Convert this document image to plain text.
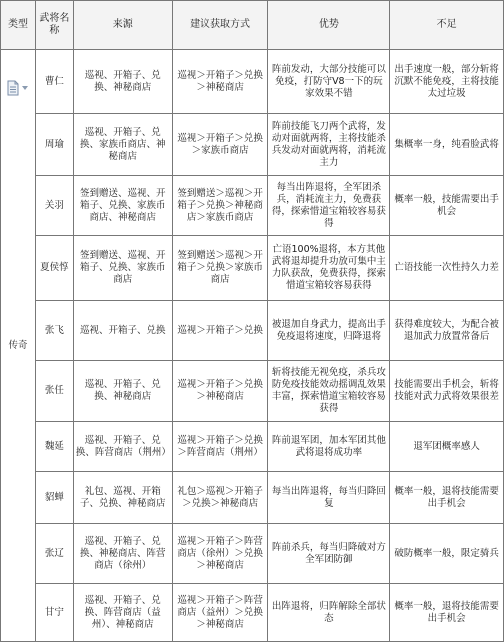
类型	武将名称	来源	建议获取方式	优势	不足
传奇	曹仁	巡视、开箱子、兑换、神秘商店	巡视＞开箱子＞兑换＞神秘商店	阵前发动，大部分技能可以免疫，打防守V8一下的玩家效果不错	出手速度一般，部分斩将沉默不能免疫，主将技能太过垃圾
	周瑜	巡视、开箱子、兑换、家族币商店、神秘商店	巡视＞开箱子＞兑换＞家族币商店	阵前技能飞刀两个武将，发动对面就两将，主将技能杀兵发动对面就两将，消耗流主力	集概率一身，纯看脸武将
	关羽	签到赠送、巡视、开箱子、兑换、家族币商店、神秘商店	签到赠送＞巡视＞开箱子＞兑换＞神秘商店＞家族币商店	每当出阵退将，全军团杀兵，消耗流主力，免费获得，探索惜道宝箱较容易获得	概率一般，技能需要出手机会
	夏侯惇	签到赠送、巡视、开箱子、兑换、家族币商店	签到赠送＞巡视＞开箱子＞兑换＞家族币商店	亡语100%退将，本方其他武将退却提升功放可集中主力队获敌，免费获得，探索惜道宝箱较容易获得	亡语技能一次性持久力差
	张飞	巡视、开箱子、兑换	巡视＞开箱子＞兑换	被退加自身武力，提高出手免疫退将速度，归降退将	获得难度较大，为配合被退加武力放置常备后
	张任	巡视、开箱子、兑换、神秘商店	巡视＞开箱子＞兑换＞神秘商店	斩将技能无视免疫，杀兵攻防免疫技能效动摇调乱效果丰富，探索惜道宝箱较容易获得	技能需要出手机会，斩将技能对武力武将效果很差
	魏延	巡视、开箱子、兑换、阵营商店（荆州）	巡视＞开箱子＞兑换＞阵营商店（荆州）	阵前退军团，加本军团其他武将退将成功率	退军团概率感人
	貂蝉	礼包、巡视、开箱子、兑换、神秘商店	礼包＞巡视＞开箱子＞兑换＞神秘商店	每当出阵退将，每当归降回复	概率一般，退将技能需要出手机会
	张辽	巡视、开箱子、兑换、神秘商店、阵营商店（徐州）	巡视＞开箱子＞阵营商店（徐州）＞兑换＞神秘商店	阵前杀兵，每当归降破对方全军团防御	破防概率一般，限定骑兵
	甘宁	巡视、开箱子、兑换、阵营商店（益州）、神秘商店	巡视＞开箱子＞阵营商店（益州）＞兑换＞神秘商店	出阵退将，归阵解除全部状态	概率一般，退将技能需要出手机会
